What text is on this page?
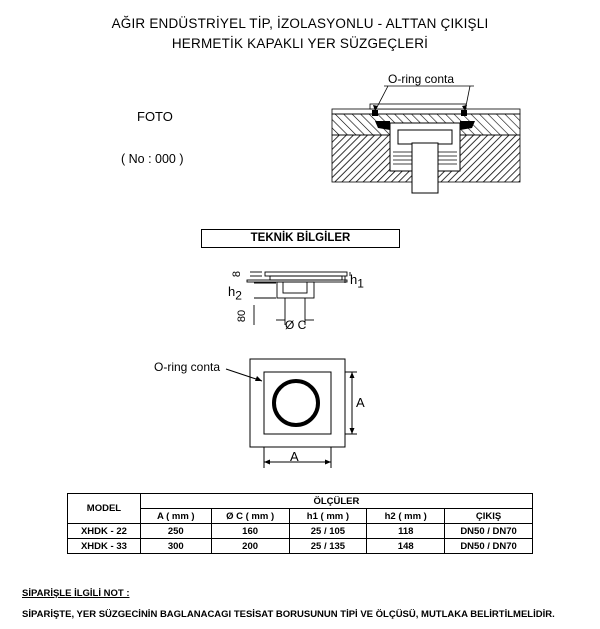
AĞIR ENDÜSTRİYEL TİP, İZOLASYONLU - ALTTAN ÇIKIŞLI
HERMETİK KAPAKLI YER SÜZGEÇLERİ
FOTO
( No : 000 )
O-ring conta
TEKNİK BİLGİLER
8	$h_1$
$h_2$
80
Ø C
O-ring conta
A
A
MODEL	ÖLÇÜLER				
	A ( mm )	Ø C ( mm )	h1 ( mm )	h2 ( mm )	ÇIKIŞ
XHDK - 22	250	160	25 / 105	118	DN50 / DN70
XHDK - 33	300	200	25 / 135	148	DN50 / DN70
SİPARİŞLE İLGİLİ NOT :
SİPARİŞTE, YER SÜZGECİNİN BAGLANACAGI TESİSAT BORUSUNUN TİPİ VE ÖLÇÜSÜ, MUTLAKA BELİRTİLMELİDİR.
